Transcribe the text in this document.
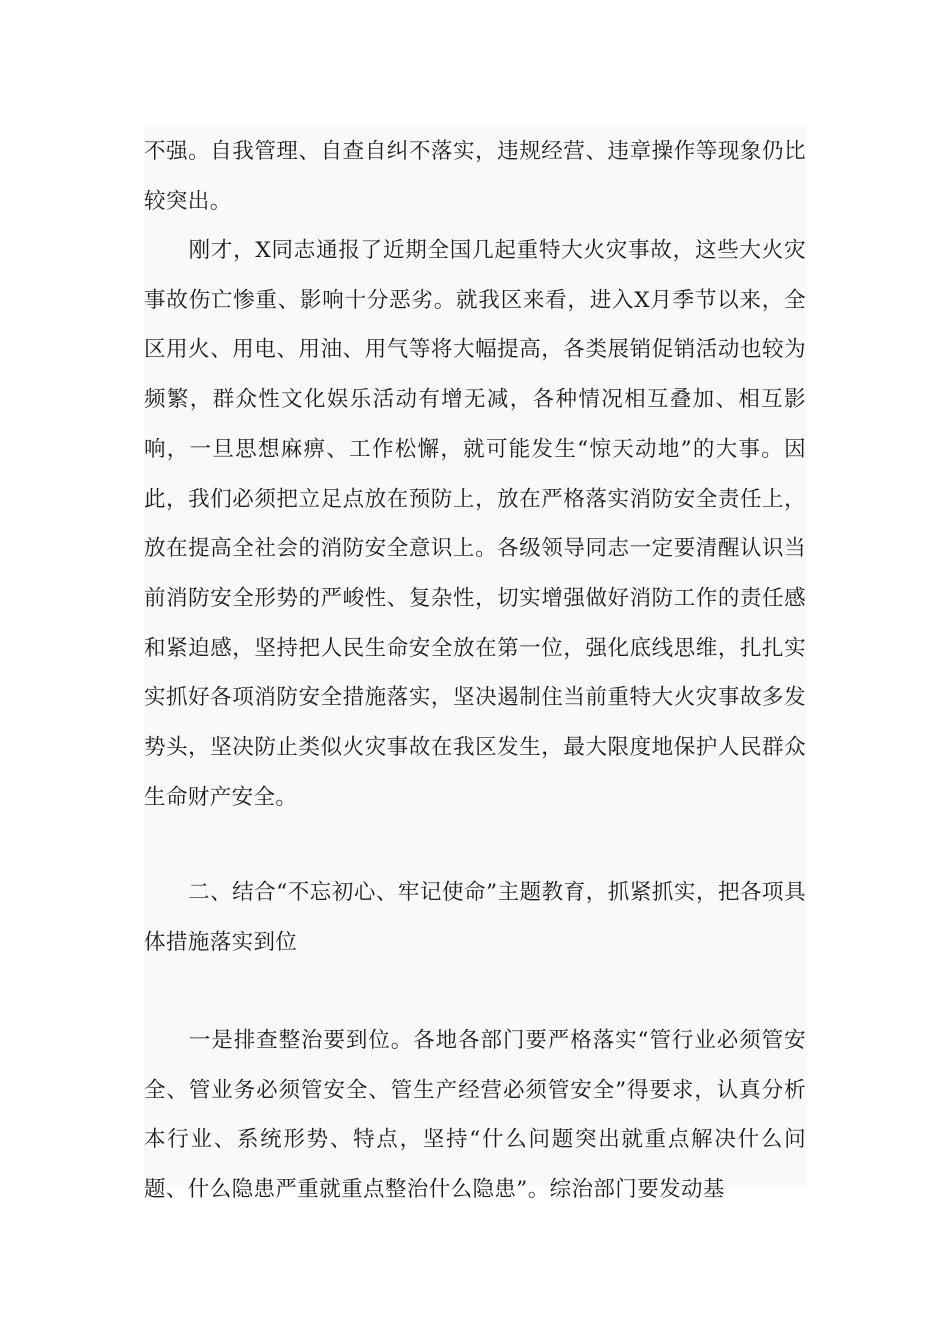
不强。自我管理、自查自纠不落实，违规经营、违章操作等现象仍比较突出。

　　刚才，X同志通报了近期全国几起重特大火灾事故，这些大火灾事故伤亡惨重、影响十分恶劣。就我区来看，进入X月季节以来，全区用火、用电、用油、用气等将大幅提高，各类展销促销活动也较为频繁，群众性文化娱乐活动有增无减，各种情况相互叠加、相互影响，一旦思想麻痹、工作松懈，就可能发生“惊天动地”的大事。因此，我们必须把立足点放在预防上，放在严格落实消防安全责任上，放在提高全社会的消防安全意识上。各级领导同志一定要清醒认识当前消防安全形势的严峻性、复杂性，切实增强做好消防工作的责任感和紧迫感，坚持把人民生命安全放在第一位，强化底线思维，扎扎实实抓好各项消防安全措施落实，坚决遏制住当前重特大火灾事故多发势头，坚决防止类似火灾事故在我区发生，最大限度地保护人民群众生命财产安全。

　　二、结合“不忘初心、牢记使命”主题教育，抓紧抓实，把各项具体措施落实到位

　　一是排查整治要到位。各地各部门要严格落实“管行业必须管安全、管业务必须管安全、管生产经营必须管安全”得要求，认真分析本行业、系统形势、特点，坚持“什么问题突出就重点解决什么问题、什么隐患严重就重点整治什么隐患”。综治部门要发动基
